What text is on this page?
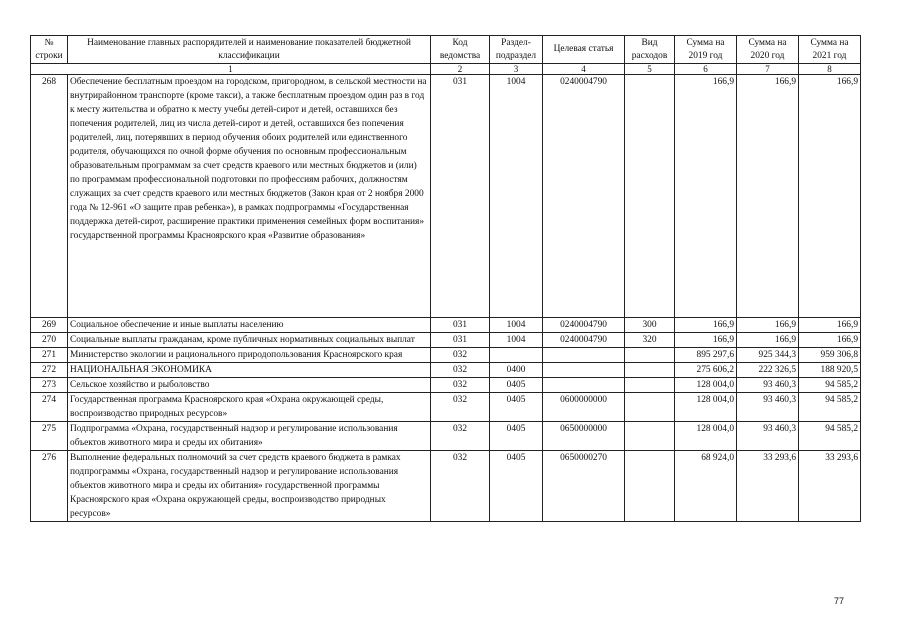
№ строки	Наименование главных распорядителей и наименование показателей бюджетной классификации	Код ведомства	Раздел-подраздел	Целевая статья	Вид расходов	Сумма на 2019 год	Сумма на 2020 год	Сумма на 2021 год
1		2	3	4	5	6	7	8
268	Обеспечение бесплатным проездом на городском, пригородном, в сельской местности на внутрирайонном транспорте (кроме такси), а также бесплатным проездом один раз в год к месту жительства и обратно к месту учебы детей-сирот и детей, оставшихся без попечения родителей, лиц из числа детей-сирот и детей, оставшихся без попечения родителей, лиц, потерявших в период обучения обоих родителей или единственного родителя, обучающихся по очной форме обучения по основным профессиональным образовательным программам за счет средств краевого или местных бюджетов и (или) по программам профессиональной подготовки по профессиям рабочих, должностям служащих за счет средств краевого или местных бюджетов (Закон края от 2 ноября 2000 года № 12-961 «О защите прав ребенка»), в рамках подпрограммы «Государственная поддержка детей-сирот, расширение практики применения семейных форм воспитания» государственной программы Красноярского края «Развитие образования»	031	1004	0240004790		166,9	166,9	166,9
269	Социальное обеспечение и иные выплаты населению	031	1004	0240004790	300	166,9	166,9	166,9
270	Социальные выплаты гражданам, кроме публичных нормативных социальных выплат	031	1004	0240004790	320	166,9	166,9	166,9
271	Министерство экологии и рационального природопользования Красноярского края	032				895 297,6	925 344,3	959 306,8
272	НАЦИОНАЛЬНАЯ ЭКОНОМИКА	032	0400			275 606,2	222 326,5	188 920,5
273	Сельское хозяйство и рыболовство	032	0405			128 004,0	93 460,3	94 585,2
274	Государственная программа Красноярского края «Охрана окружающей среды, воспроизводство природных ресурсов»	032	0405	0600000000		128 004,0	93 460,3	94 585,2
275	Подпрограмма «Охрана, государственный надзор и регулирование использования объектов животного мира и среды их обитания»	032	0405	0650000000		128 004,0	93 460,3	94 585,2
276	Выполнение федеральных полномочий за счет средств краевого бюджета в рамках подпрограммы «Охрана, государственный надзор и регулирование использования объектов животного мира и среды их обитания» государственной программы Красноярского края «Охрана окружающей среды, воспроизводство природных ресурсов»	032	0405	0650000270		68 924,0	33 293,6	33 293,6
77
